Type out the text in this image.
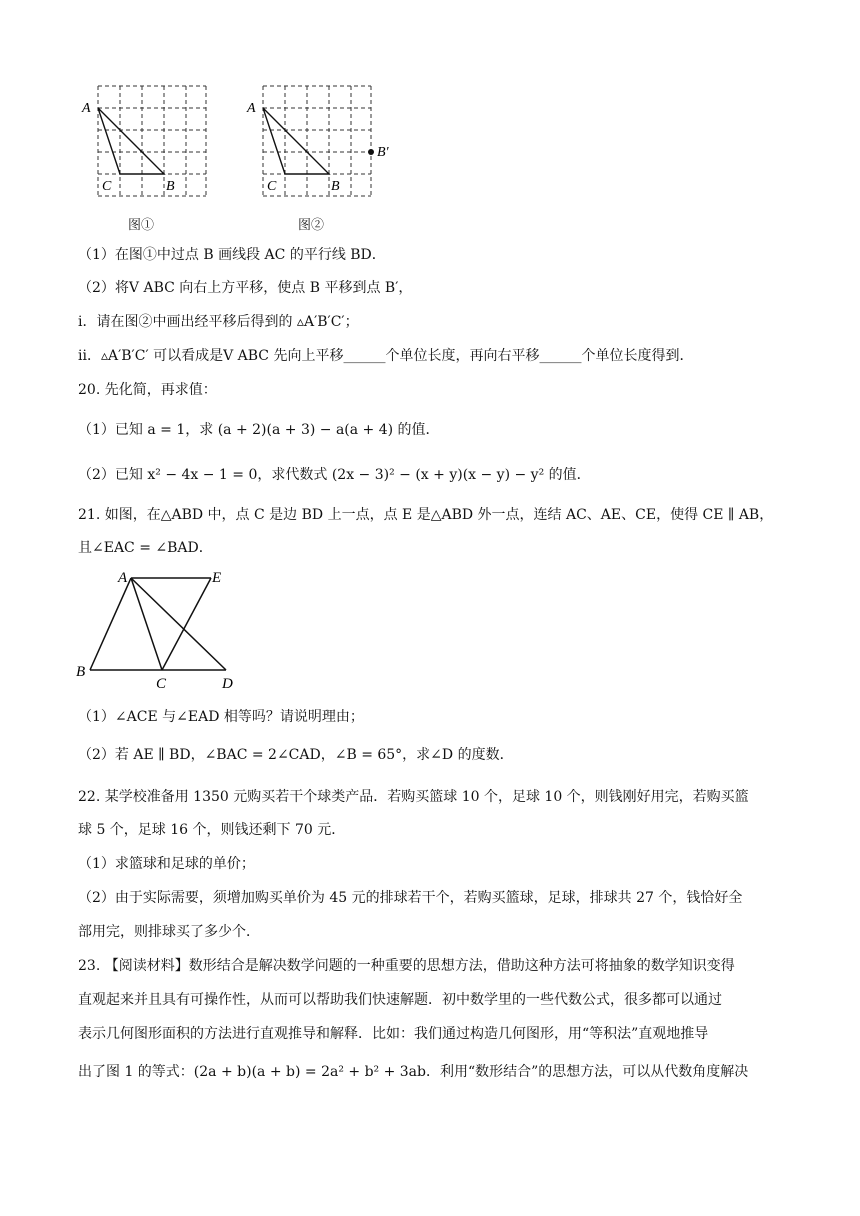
A
C	B
图①
A
C	B
B′
图②
（1）在图①中过点 B 画线段 AC 的平行线 BD．
（2）将V ABC 向右上方平移，使点 B 平移到点 B′，
i．请在图②中画出经平移后得到的 ▵A′B′C′；
ii．▵A′B′C′ 可以看成是V ABC 先向上平移______个单位长度，再向右平移______个单位长度得到．
20. 先化简，再求值：
（1）已知 a = 1，求 (a + 2)(a + 3) − a(a + 4) 的值．
（2）已知 x² − 4x − 1 = 0，求代数式 (2x − 3)² − (x + y)(x − y) − y² 的值．
21. 如图，在△ABD 中，点 C 是边 BD 上一点，点 E 是△ABD 外一点，连结 AC、AE、CE，使得 CE ∥ AB，
且∠EAC = ∠BAD．
A	E
B
C	D
（1）∠ACE 与∠EAD 相等吗？请说明理由；
（2）若 AE ∥ BD，∠BAC = 2∠CAD，∠B = 65°，求∠D 的度数．
22. 某学校准备用 1350 元购买若干个球类产品．若购买篮球 10 个，足球 10 个，则钱刚好用完，若购买篮
球 5 个，足球 16 个，则钱还剩下 70 元．
（1）求篮球和足球的单价；
（2）由于实际需要，须增加购买单价为 45 元的排球若干个，若购买篮球，足球，排球共 27 个，钱恰好全
部用完，则排球买了多少个．
23. 【阅读材料】数形结合是解决数学问题的一种重要的思想方法，借助这种方法可将抽象的数学知识变得
直观起来并且具有可操作性，从而可以帮助我们快速解题．初中数学里的一些代数公式，很多都可以通过
表示几何图形面积的方法进行直观推导和解释．比如：我们通过构造几何图形，用“等积法”直观地推导
出了图 1 的等式：(2a + b)(a + b) = 2a² + b² + 3ab．利用“数形结合”的思想方法，可以从代数角度解决
